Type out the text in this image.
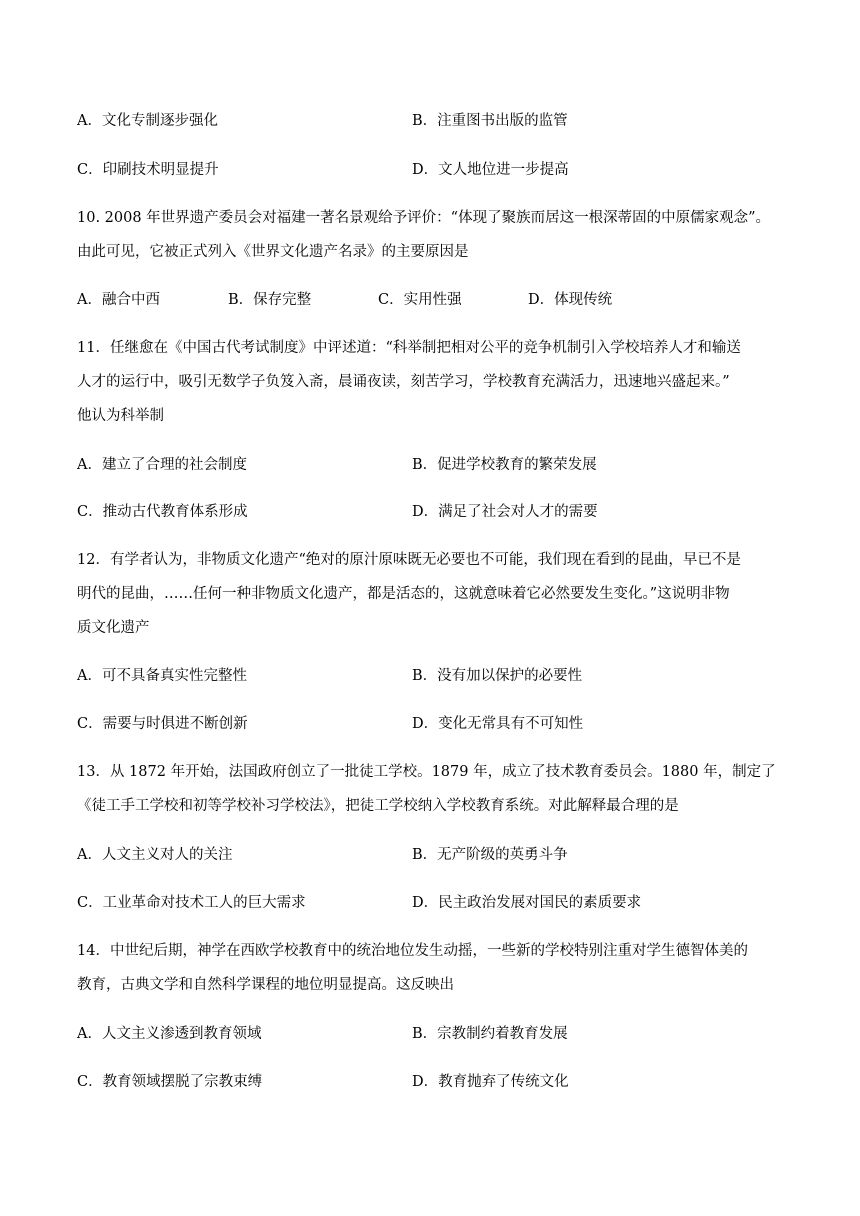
A．文化专制逐步强化	B．注重图书出版的监管
C．印刷技术明显提升	D．文人地位进一步提高
10. 2008 年世界遗产委员会对福建一著名景观给予评价：“体现了聚族而居这一根深蒂固的中原儒家观念”。
由此可见，它被正式列入《世界文化遗产名录》的主要原因是
A．融合中西	B．保存完整	C．实用性强	D．体现传统
11．任继愈在《中国古代考试制度》中评述道：“科举制把相对公平的竞争机制引入学校培养人才和输送
人才的运行中，吸引无数学子负笈入斋，晨诵夜读，刻苦学习，学校教育充满活力，迅速地兴盛起来。”
他认为科举制
A．建立了合理的社会制度	B．促进学校教育的繁荣发展
C．推动古代教育体系形成	D．满足了社会对人才的需要
12．有学者认为，非物质文化遗产“绝对的原汁原味既无必要也不可能，我们现在看到的昆曲，早已不是
明代的昆曲，……任何一种非物质文化遗产，都是活态的，这就意味着它必然要发生变化。”这说明非物
质文化遗产
A．可不具备真实性完整性	B．没有加以保护的必要性
C．需要与时俱进不断创新	D．变化无常具有不可知性
13．从 1872 年开始，法国政府创立了一批徒工学校。1879 年，成立了技术教育委员会。1880 年，制定了
《徒工手工学校和初等学校补习学校法》，把徒工学校纳入学校教育系统。对此解释最合理的是
A．人文主义对人的关注	B．无产阶级的英勇斗争
C．工业革命对技术工人的巨大需求	D．民主政治发展对国民的素质要求
14．中世纪后期，神学在西欧学校教育中的统治地位发生动摇，一些新的学校特别注重对学生德智体美的
教育，古典文学和自然科学课程的地位明显提高。这反映出
A．人文主义渗透到教育领域	B．宗教制约着教育发展
C．教育领域摆脱了宗教束缚	D．教育抛弃了传统文化
